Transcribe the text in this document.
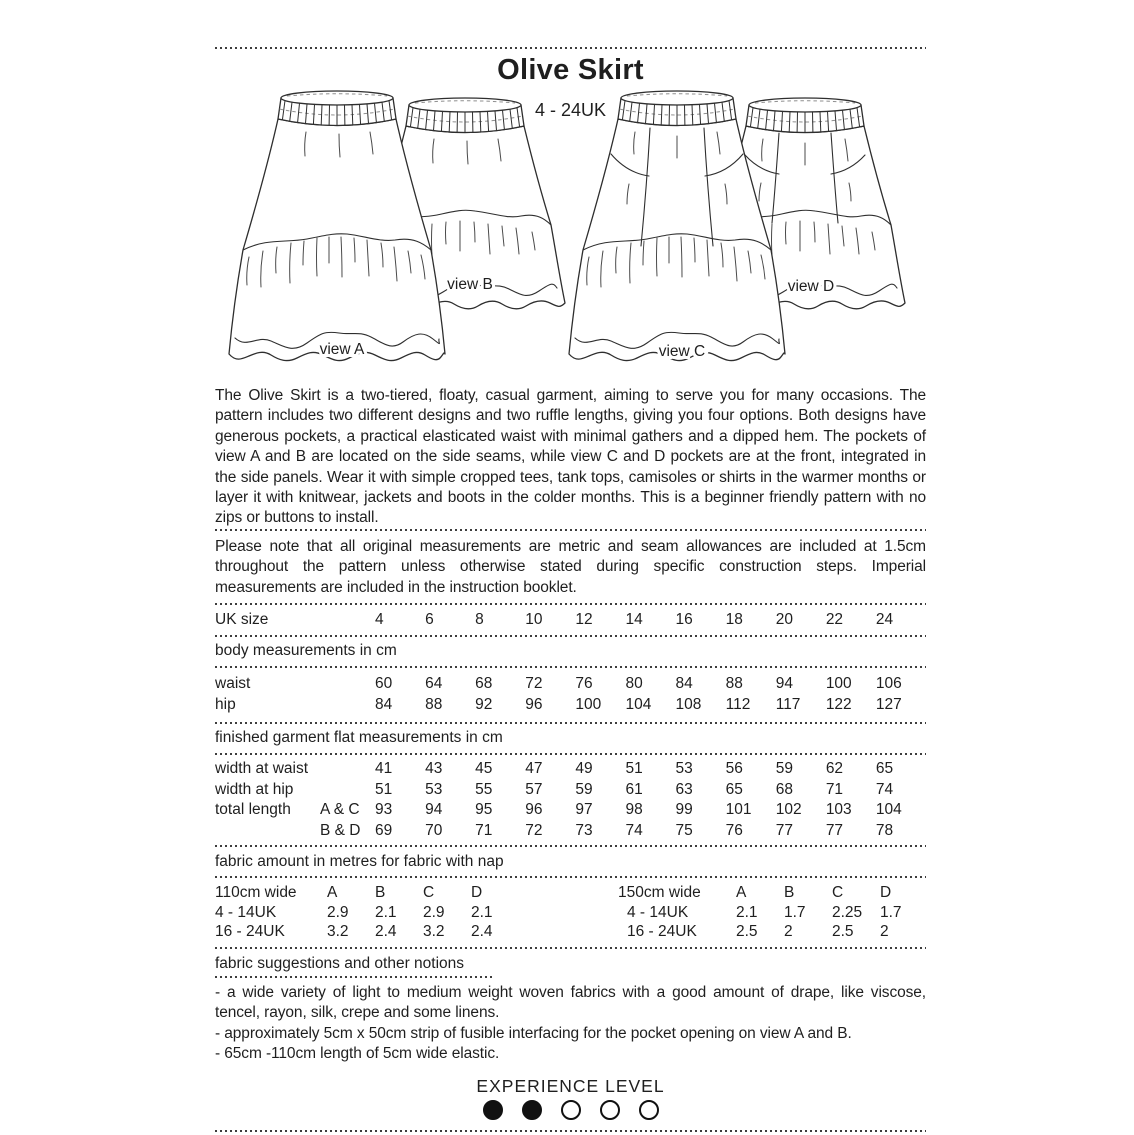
Olive Skirt
4 - 24UK
view A
view B
view C
view D

The Olive Skirt is a two-tiered, floaty, casual garment, aiming to serve you for many occasions. The pattern includes two different designs and two ruffle lengths, giving you four options. Both designs have generous pockets, a practical elasticated waist with minimal gathers and a dipped hem. The pockets of view A and B are located on the side seams, while view C and D pockets are at the front, integrated in the side panels. Wear it with simple cropped tees, tank tops, camisoles or shirts in the warmer months or layer it with knitwear, jackets and boots in the colder months. This is a beginner friendly pattern with no zips or buttons to install.

Please note that all original measurements are metric and seam allowances are included at 1.5cm throughout the pattern unless otherwise stated during specific construction steps. Imperial measurements are included in the instruction booklet.

UK size	4	6	8	10	12	14	16	18	20	22	24
body measurements in cm
waist	60	64	68	72	76	80	84	88	94	100	106
hip	84	88	92	96	100	104	108	112	117	122	127
finished garment flat measurements in cm
width at waist	41	43	45	47	49	51	53	56	59	62	65
width at hip	51	53	55	57	59	61	63	65	68	71	74
total length	A & C 93	94	95	96	97	98	99	101	102	103	104
B & D 69	70	71	72	73	74	75	76	77	77	78
fabric amount in metres for fabric with nap
110cm wide	A	B	C	D
4 - 14UK	2.9	2.1	2.9	2.1
16 - 24UK	3.2	2.4	3.2	2.4
150cm wide	A	B	C	D
4 - 14UK	2.1	1.7	2.25	1.7
16 - 24UK	2.5	2	2.5	2
fabric suggestions and other notions

- a wide variety of light to medium weight woven fabrics with a good amount of drape, like viscose, tencel, rayon, silk, crepe and some linens.

- approximately 5cm x 50cm strip of fusible interfacing for the pocket opening on view A and B.

- 65cm -110cm length of 5cm wide elastic.

EXPERIENCE LEVEL
